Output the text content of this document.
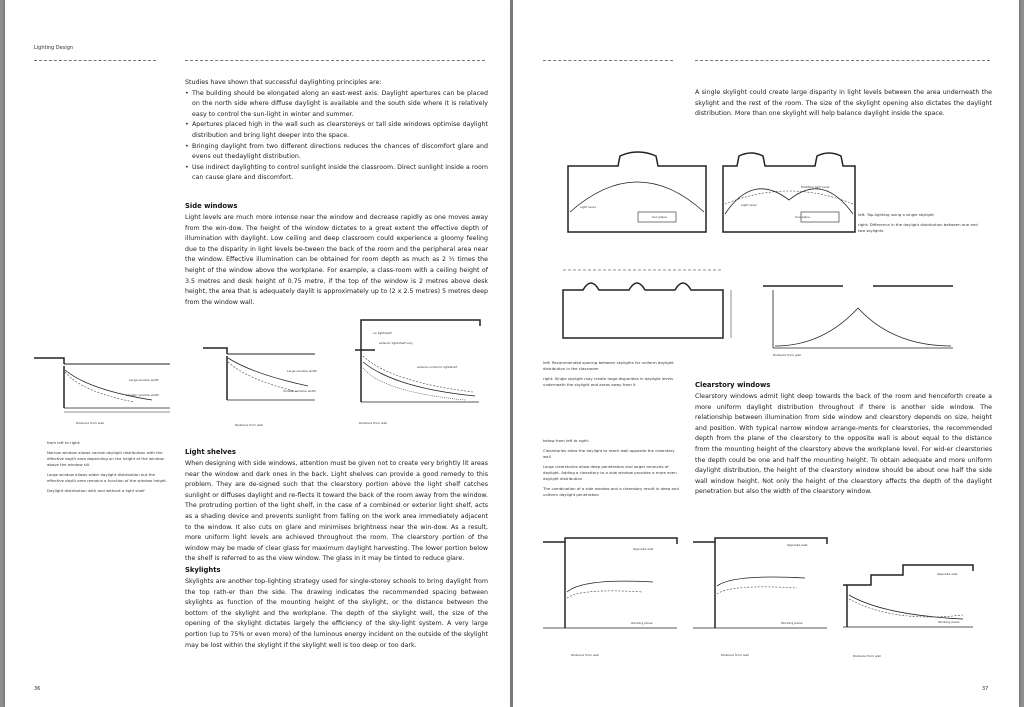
Lighting Design

Studies have shown that successful daylighting principles are:

• The building should be elongated along an east-west axis. Daylight apertures can be placed on the north side where diffuse daylight is available and the south side where it is relatively easy to control the sun-light in winter and summer.
• Apertures placed high in the wall such as clearstoreys or tall side windows optimise daylight distribution and bring light deeper into the space.
• Bringing daylight from two different directions reduces the chances of discomfort glare and evens out thedaylight distribution.
• Use indirect daylighting to control sunlight inside the classroom. Direct sunlight inside a room can cause glare and discomfort.
Side windows
Light levels are much more intense near the window and decrease rapidly as one moves away from the win-dow. The height of the window dictates to a great extent the effective depth of illumination with daylight. Low ceiling and deep classroom could experience a gloomy feeling due to the disparity in light levels be-tween the back of the room and the peripheral area near the window. Effective illumination can be obtained for room depth as much as 2 ½ times the height of the window above the workplane. For example, a class-room with a ceiling height of 3.5 metres and desk height of 0.75 metre, if the top of the window is 2 metres above desk height, the area that is adequately daylit is approximately up to (2 x 2.5 metres) 5 metres deep from the window wall.
Large window width
Smaller window width
Distance from wall
Large window width
Smaller window width
Distance from wall
no lightshelf
exterior lightshelf only
exterior+interior lightshelf
Distance from wall

from left to right:

Narrow window allows narrow daylight distribution with the effective daylit area depending on the height of the window above the window sill.

Large window allows wider daylight distribution but the effective daylit area remains a function of the window height.

Daylight distribution with and without a light shelf

Light shelves
When designing with side windows, attention must be given not to create very brightly lit areas near the window and dark ones in the back. Light shelves can provide a good remedy to this problem. They are de-signed such that the clearstory portion above the light shelf catches sunlight or diffuses daylight and re-flects it toward the back of the room away from the window. The protruding portion of the light shelf, in the case of a combined or exterior light shelf, acts as a shading device and prevents sunlight from falling on the work area immediately adjacent to the window. It also cuts on glare and minimises brightness near the win-dow. As a result, more uniform light levels are achieved throughout the room. The clearstory portion of the window may be made of clear glass for maximum daylight harvesting. The lower portion below the shelf is referred to as the view window. The glass in it may be tinted to reduce glare.
Skylights
Skylights are another top-lighting strategy used for single-storey schools to bring daylight from the top rath-er than the side. The drawing indicates the recommended spacing between skylights as function of the mounting height of the skylight, or the distance between the bottom of the skylight and the workplane. The depth of the skylight well, the size of the opening of the skylight dictates largely the efficiency of the sky-light system. A very large portion (up to 75% or even more) of the luminous energy incident on the outside of the skylight may be lost within the skylight if the skylight well is too deep or too dark.
36
A single skylight could create large disparity in light levels between the area underneath the skylight and the rest of the room. The size of the skylight opening also dictates the daylight distribution. More than one skylight will help balance daylight inside the space.
Light level
Sun plane
Modified light level
Light level
Sun plane	left: Top-lighting using a single skylight

right: Difference in the daylight distribution between one and two skylights

Distance from wall

left: Recommended spacing between skylights for uniform daylight distribution in the classroom

right: Single skylight may create large disparities in daylight levels underneath the skylight and areas away from it	Clearstory windows
Clearstory windows admit light deep towards the back of the room and henceforth create a more uniform daylight distribution throughout if there is another side window. The relationship between illumination from side window and clearstory depends on size, height and position. With typical narrow window arrange-ments for clearstories, the recommended depth from the plane of the clearstory to the opposite wall is about equal to the distance from the mounting height of the clearstory above the workplane level. For wid-er clearstories the depth could be one and half the mounting height. To obtain adequate and more uniform daylight distribution, the height of the clearstory window should be about one half the side wall window height. Not only the height of the clearstory affects the depth of the daylight penetration but also the width of the clearstory window.

below from left to right:

Clearstories allow the daylight to reach wall opposite the clearstory wall

Large clearstories allow deep penetration and larger amounts of daylight. Adding a clearstory to a side window provides a more even daylight distribution

The combination of a side window and a clearstory result in deep and uniform daylight penetration

Opposite wall
Working plane
Distance from wall
Opposite wall
Working plane
Distance from wall
Opposite wall
Working plane
Distance from wall
37
